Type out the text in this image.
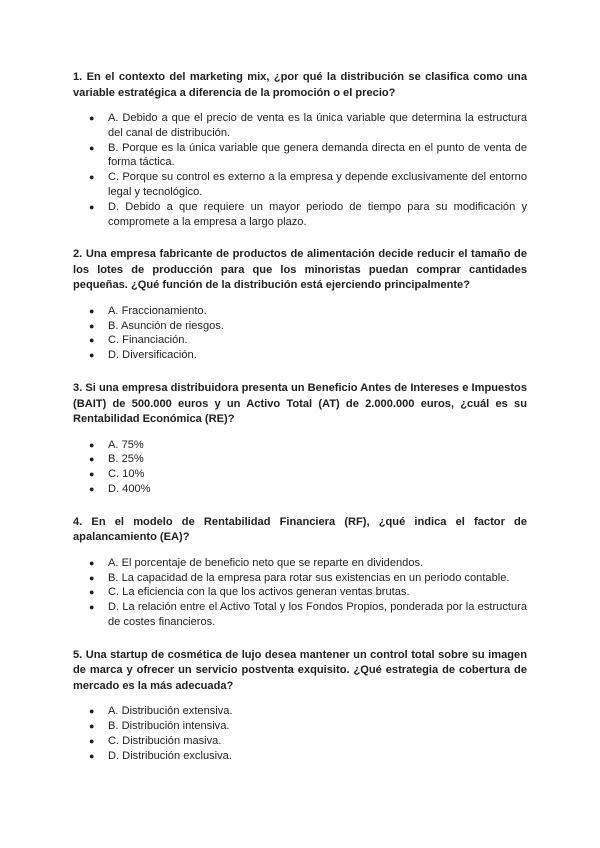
1. En el contexto del marketing mix, ¿por qué la distribución se clasifica como una variable estratégica a diferencia de la promoción o el precio?

● A. Debido a que el precio de venta es la única variable que determina la estructura del canal de distribución.
● B. Porque es la única variable que genera demanda directa en el punto de venta de forma táctica.
● C. Porque su control es externo a la empresa y depende exclusivamente del entorno legal y tecnológico.
● D. Debido a que requiere un mayor periodo de tiempo para su modificación y compromete a la empresa a largo plazo.

2. Una empresa fabricante de productos de alimentación decide reducir el tamaño de los lotes de producción para que los minoristas puedan comprar cantidades pequeñas. ¿Qué función de la distribución está ejerciendo principalmente?

● A. Fraccionamiento.
● B. Asunción de riesgos.
● C. Financiación.
● D. Diversificación.

3. Si una empresa distribuidora presenta un Beneficio Antes de Intereses e Impuestos (BAIT) de 500.000 euros y un Activo Total (AT) de 2.000.000 euros, ¿cuál es su Rentabilidad Económica (RE)?

● A. 75%
● B. 25%
● C. 10%
● D. 400%

4. En el modelo de Rentabilidad Financiera (RF), ¿qué indica el factor de apalancamiento (EA)?

● A. El porcentaje de beneficio neto que se reparte en dividendos.
● B. La capacidad de la empresa para rotar sus existencias en un periodo contable.
● C. La eficiencia con la que los activos generan ventas brutas.
● D. La relación entre el Activo Total y los Fondos Propios, ponderada por la estructura de costes financieros.

5. Una startup de cosmética de lujo desea mantener un control total sobre su imagen de marca y ofrecer un servicio postventa exquisito. ¿Qué estrategia de cobertura de mercado es la más adecuada?

● A. Distribución extensiva.
● B. Distribución intensiva.
● C. Distribución masiva.
● D. Distribución exclusiva.
